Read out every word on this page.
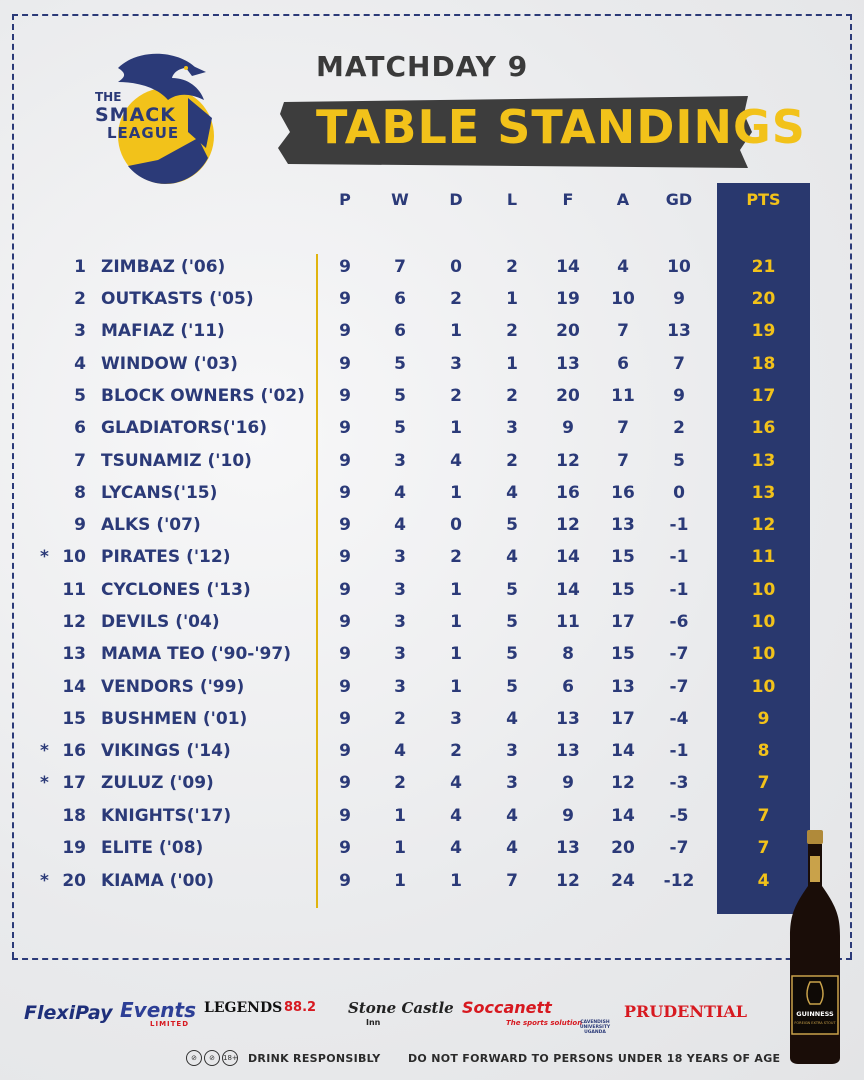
THE
SMACK
LEAGUE
MATCHDAY 9
TABLE STANDINGS
P	W	D	L	F	A	GD	PTS
1 ZIMBAZ ('06)	9	7	0	2	14	4	10	21
2 OUTKASTS ('05)	9	6	2	1	19	10	9	20
3 MAFIAZ ('11)	9	6	1	2	20	7	13	19
4 WINDOW ('03)	9	5	3	1	13	6	7	18
5 BLOCK OWNERS ('02)	9	5	2	2	20	11	9	17
6 GLADIATORS('16)	9	5	1	3	9	7	2	16
7 TSUNAMIZ ('10)	9	3	4	2	12	7	5	13
8 LYCANS('15)	9	4	1	4	16	16	0	13
9 ALKS ('07)	9	4	0	5	12	13	-1	12
* 10 PIRATES ('12)	9	3	2	4	14	15	-1	11
11 CYCLONES ('13)	9	3	1	5	14	15	-1	10
12 DEVILS ('04)	9	3	1	5	11	17	-6	10
13 MAMA TEO ('90-'97)	9	3	1	5	8	15	-7	10
14 VENDORS ('99)	9	3	1	5	6	13	-7	10
15 BUSHMEN ('01)	9	2	3	4	13	17	-4	9
* 16 VIKINGS ('14)	9	4	2	3	13	14	-1	8
* 17 ZULUZ ('09)	9	2	4	3	9	12	-3	7
18 KNIGHTS('17)	9	1	4	4	9	14	-5	7
19 ELITE ('08)	9	1	4	4	13	20	-7	7
* 20 KIAMA ('00)	9	1	1	7	12	24	-12	4
GUINNESS
FOREIGN EXTRA STOUT
FlexiPay Events
LIMITED
LEGENDS 88.2 Stone Castle
Inn
Soccanett
The sports solution
CAVENDISH UNIVERSITY UGANDA
PRUDENTIAL
⊘	⊘	18+ DRINK RESPONSIBLY DO NOT FORWARD TO PERSONS UNDER 18 YEARS OF AGE
